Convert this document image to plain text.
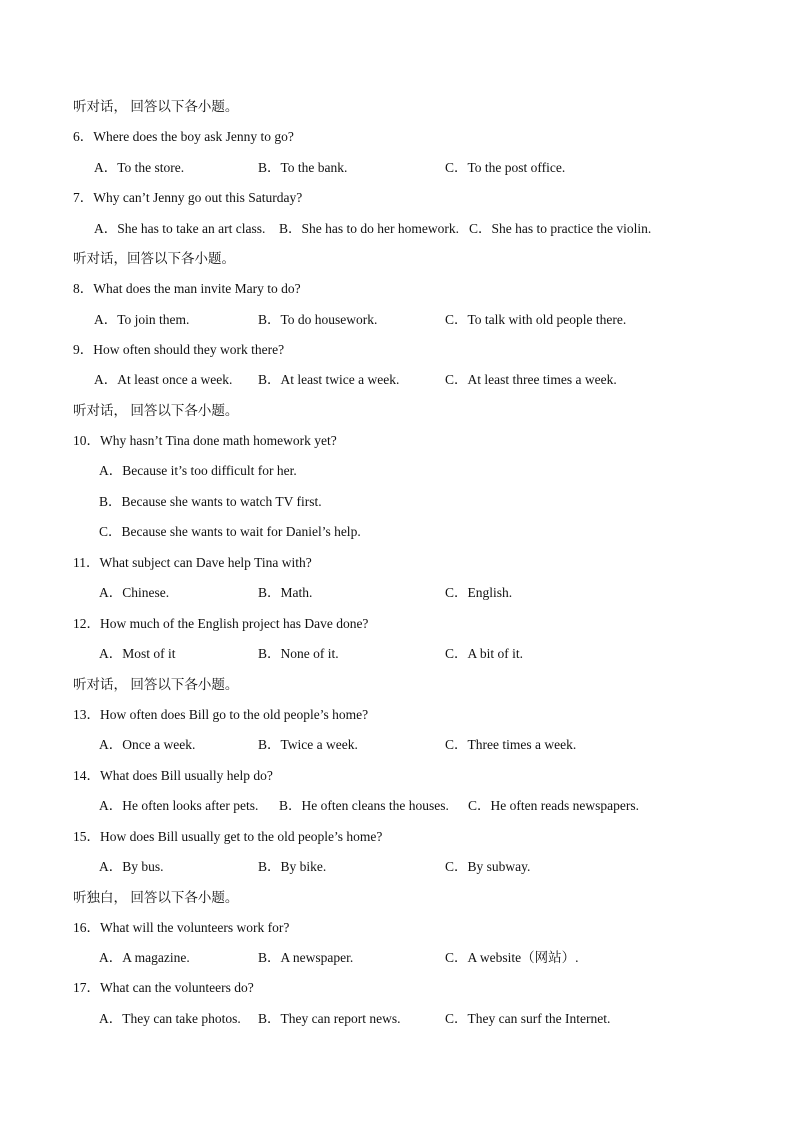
听对话， 回答以下各小题。
6．Where does the boy ask Jenny to go?
A．To the store.	B．To the bank.	C．To the post office.
7．Why can’t Jenny go out this Saturday?
A．She has to take an art class. B．She has to do her homework. C．She has to practice the violin.
听对话，回答以下各小题。
8．What does the man invite Mary to do?
A．To join them.	B．To do housework.	C．To talk with old people there.
9．How often should they work there?
A．At least once a week. B．At least twice a week.	C．At least three times a week.
听对话， 回答以下各小题。
10．Why hasn’t Tina done math homework yet?
A．Because it’s too difficult for her.
B．Because she wants to watch TV first.
C．Because she wants to wait for Daniel’s help.
11．What subject can Dave help Tina with?
A．Chinese.	B．Math.	C．English.
12．How much of the English project has Dave done?
A．Most of it	B．None of it.	C．A bit of it.
听对话， 回答以下各小题。
13．How often does Bill go to the old people’s home?
A．Once a week.	B．Twice a week.	C．Three times a week.
14．What does Bill usually help do?
A．He often looks after pets. B．He often cleans the houses. C．He often reads newspapers.
15．How does Bill usually get to the old people’s home?
A．By bus.	B．By bike.	C．By subway.
听独白， 回答以下各小题。
16．What will the volunteers work for?
A．A magazine.	B．A newspaper.	C．A website（网站）.
17．What can the volunteers do?
A．They can take photos. B．They can report news.	C．They can surf the Internet.
